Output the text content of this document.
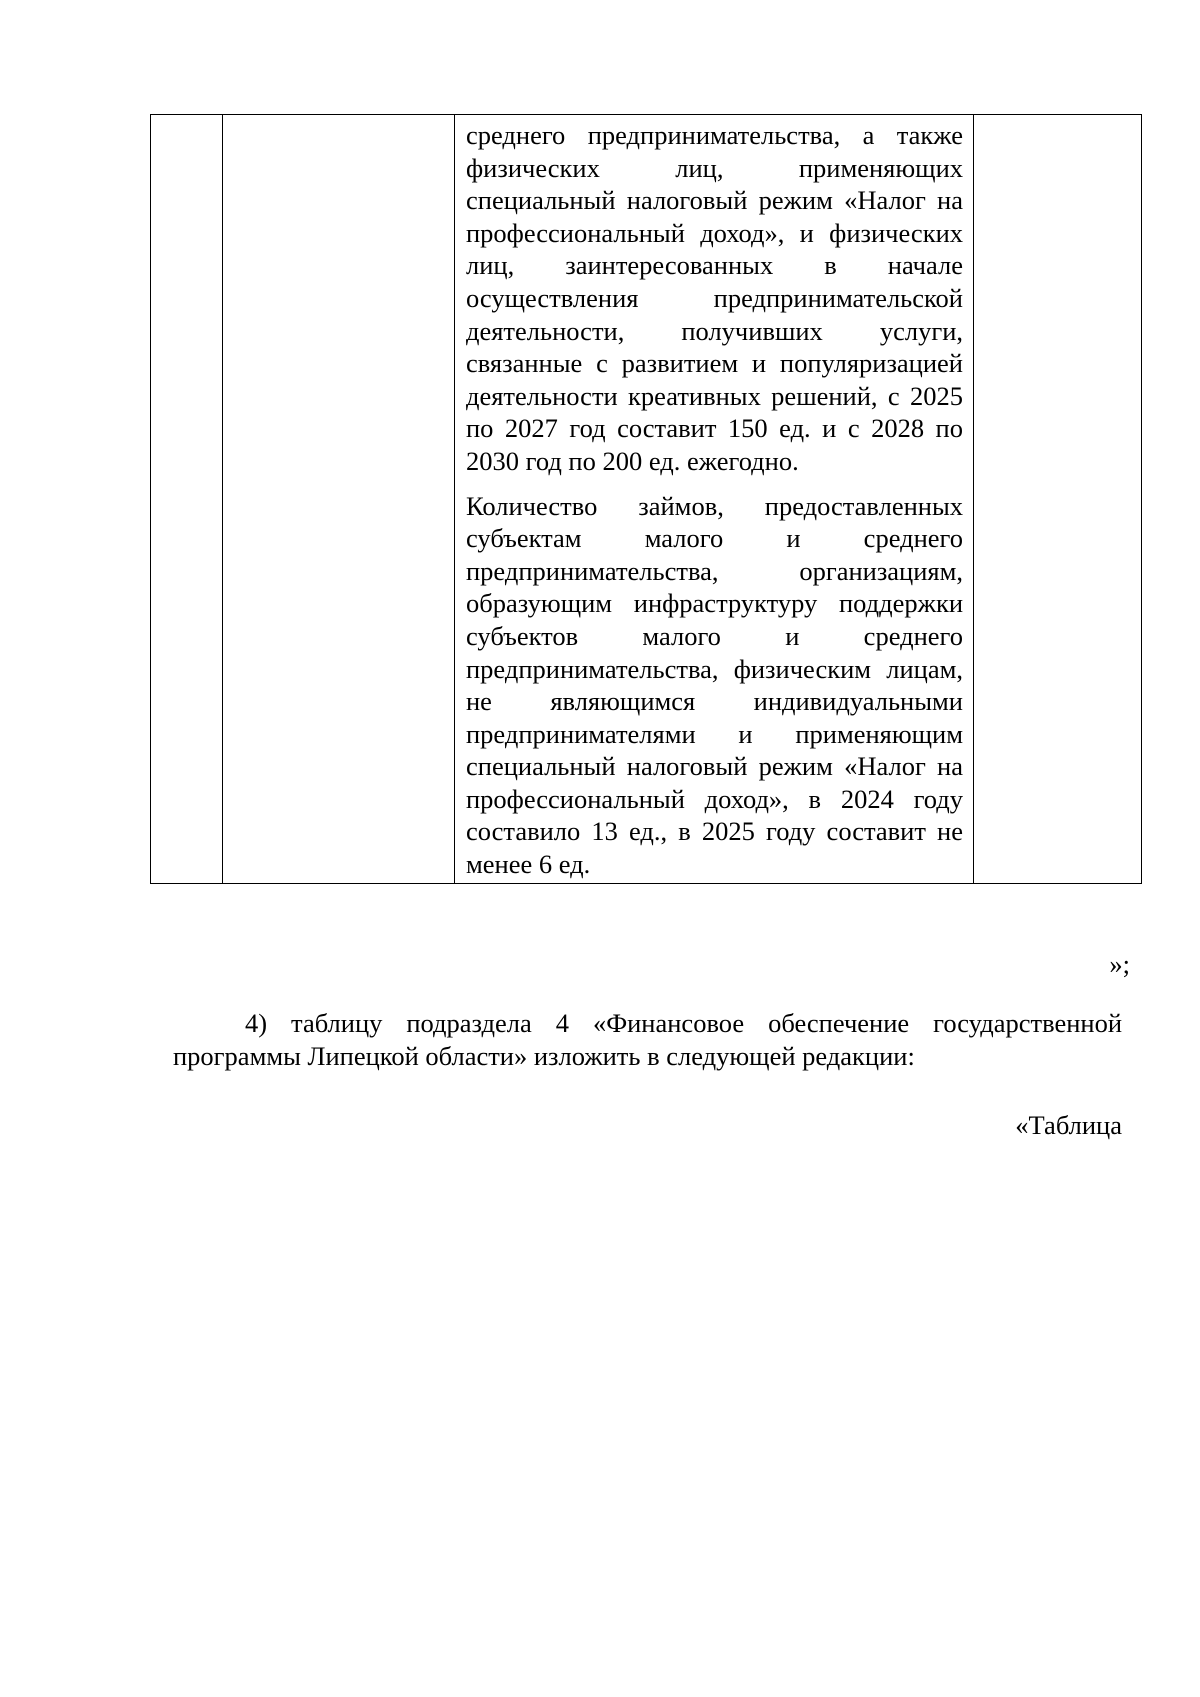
среднего предпринимательства, а также физических лиц, применяющих специальный налоговый режим «Налог на профессиональный доход», и физических лиц, заинтересованных в начале осуществления предпринимательской деятельности, получивших услуги, связанные с развитием и популяризацией деятельности креативных решений, с 2025 по 2027 год составит 150 ед. и с 2028 по 2030 год по 200 ед. ежегодно.

Количество займов, предоставленных субъектам малого и среднего предпринимательства, организациям, образующим инфраструктуру поддержки субъектов малого и среднего предпринимательства, физическим лицам, не являющимся индивидуальными предпринимателями и применяющим специальный налоговый режим «Налог на профессиональный доход», в 2024 году составило 13 ед., в 2025 году составит не менее 6 ед.

»;

4) таблицу подраздела 4 «Финансовое обеспечение государственной программы Липецкой области» изложить в следующей редакции:

«Таблица
